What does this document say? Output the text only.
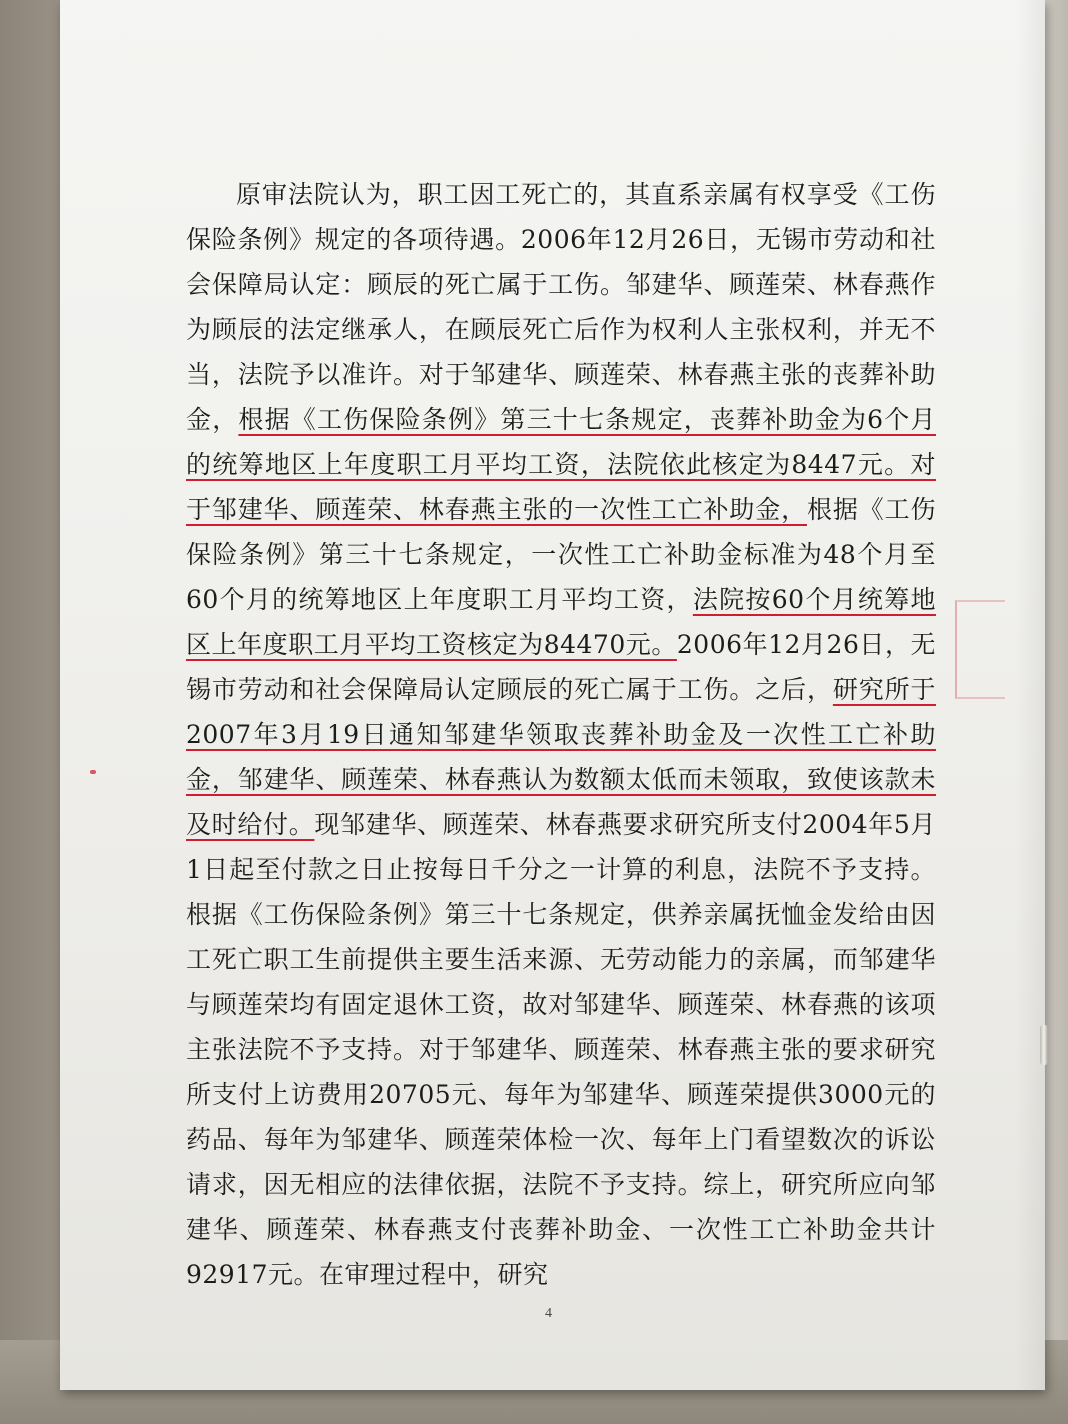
原审法院认为，职工因工死亡的，其直系亲属有权享受《工伤保险条例》规定的各项待遇。2006年12月26日，无锡市劳动和社会保障局认定：顾辰的死亡属于工伤。邹建华、顾莲荣、林春燕作为顾辰的法定继承人，在顾辰死亡后作为权利人主张权利，并无不当，法院予以准许。对于邹建华、顾莲荣、林春燕主张的丧葬补助金，根据《工伤保险条例》第三十七条规定，丧葬补助金为6个月的统筹地区上年度职工月平均工资，法院依此核定为8447元。对于邹建华、顾莲荣、林春燕主张的一次性工亡补助金，根据《工伤保险条例》第三十七条规定，一次性工亡补助金标准为48个月至60个月的统筹地区上年度职工月平均工资，法院按60个月统筹地区上年度职工月平均工资核定为84470元。2006年12月26日，无锡市劳动和社会保障局认定顾辰的死亡属于工伤。之后，研究所于2007年3月19日通知邹建华领取丧葬补助金及一次性工亡补助金，邹建华、顾莲荣、林春燕认为数额太低而未领取，致使该款未及时给付。现邹建华、顾莲荣、林春燕要求研究所支付2004年5月1日起至付款之日止按每日千分之一计算的利息，法院不予支持。根据《工伤保险条例》第三十七条规定，供养亲属抚恤金发给由因工死亡职工生前提供主要生活来源、无劳动能力的亲属，而邹建华与顾莲荣均有固定退休工资，故对邹建华、顾莲荣、林春燕的该项主张法院不予支持。对于邹建华、顾莲荣、林春燕主张的要求研究所支付上访费用20705元、每年为邹建华、顾莲荣提供3000元的药品、每年为邹建华、顾莲荣体检一次、每年上门看望数次的诉讼请求，因无相应的法律依据，法院不予支持。综上，研究所应向邹建华、顾莲荣、林春燕支付丧葬补助金、一次性工亡补助金共计92917元。在审理过程中，研究

4
